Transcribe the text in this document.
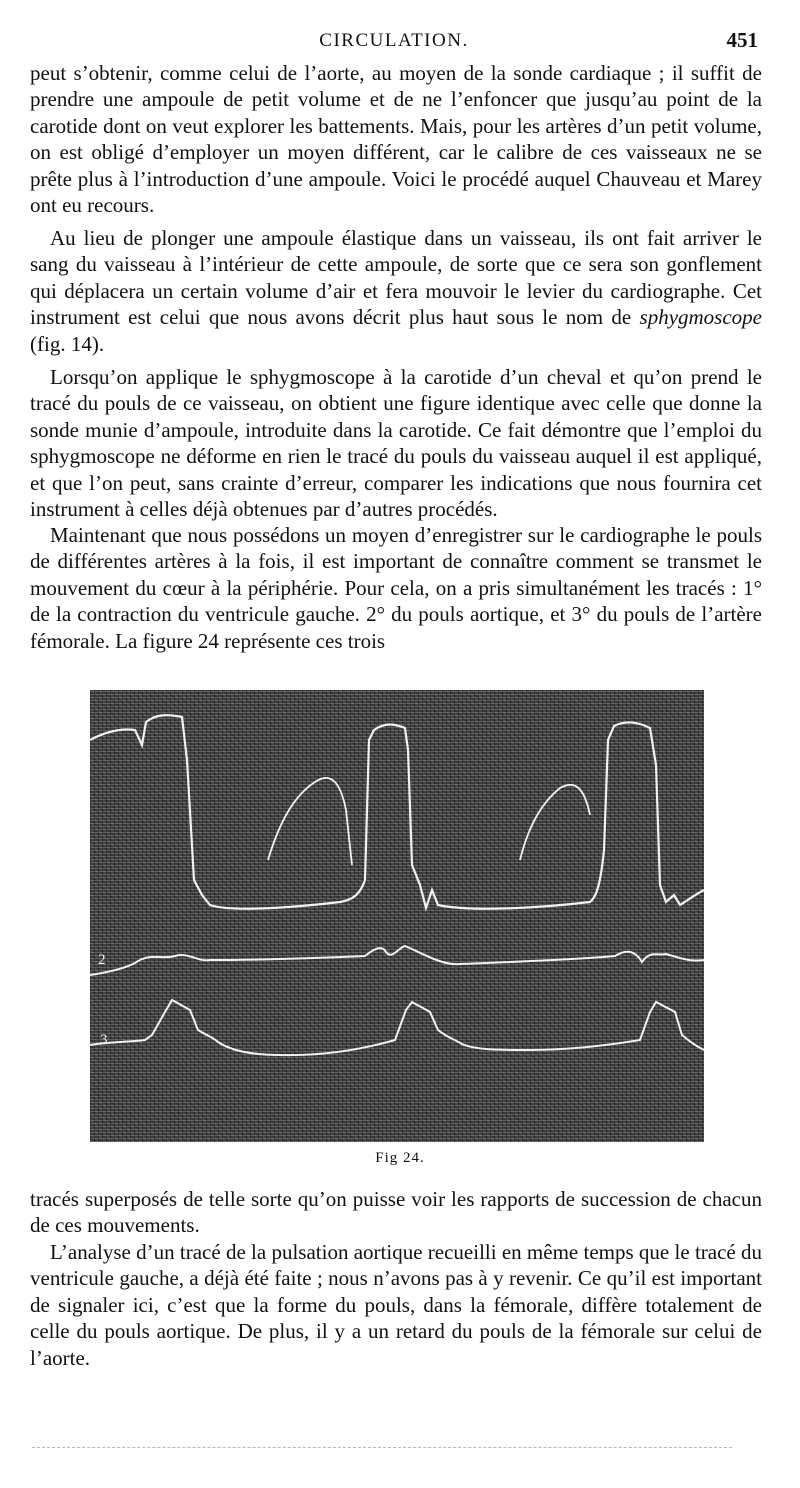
CIRCULATION.	451

peut s’obtenir, comme celui de l’aorte, au moyen de la sonde cardiaque ; il suffit de prendre une ampoule de petit volume et de ne l’enfoncer que jusqu’au point de la carotide dont on veut explorer les battements. Mais, pour les artères d’un petit volume, on est obligé d’employer un moyen différent, car le calibre de ces vaisseaux ne se prête plus à l’introduction d’une ampoule. Voici le procédé auquel Chauveau et Marey ont eu recours.

Au lieu de plonger une ampoule élastique dans un vaisseau, ils ont fait arriver le sang du vaisseau à l’intérieur de cette ampoule, de sorte que ce sera son gonflement qui déplacera un certain volume d’air et fera mouvoir le levier du cardiographe. Cet instrument est celui que nous avons décrit plus haut sous le nom de sphygmoscope (fig. 14).

Lorsqu’on applique le sphygmoscope à la carotide d’un cheval et qu’on prend le tracé du pouls de ce vaisseau, on obtient une figure identique avec celle que donne la sonde munie d’ampoule, introduite dans la carotide. Ce fait démontre que l’emploi du sphygmoscope ne déforme en rien le tracé du pouls du vaisseau auquel il est appliqué, et que l’on peut, sans crainte d’erreur, comparer les indications que nous fournira cet instrument à celles déjà obtenues par d’autres procédés.

Maintenant que nous possédons un moyen d’enregistrer sur le cardiographe le pouls de différentes artères à la fois, il est important de connaître comment se transmet le mouvement du cœur à la périphérie. Pour cela, on a pris simultanément les tracés : 1° de la contraction du ventricule gauche. 2° du pouls aortique, et 3° du pouls de l’artère fémorale. La figure 24 représente ces trois

2
3
Fig 24.

tracés superposés de telle sorte qu’on puisse voir les rapports de succession de chacun de ces mouvements.

L’analyse d’un tracé de la pulsation aortique recueilli en même temps que le tracé du ventricule gauche, a déjà été faite ; nous n’avons pas à y revenir. Ce qu’il est important de signaler ici, c’est que la forme du pouls, dans la fémorale, diffère totalement de celle du pouls aortique. De plus, il y a un retard du pouls de la fémorale sur celui de l’aorte.
